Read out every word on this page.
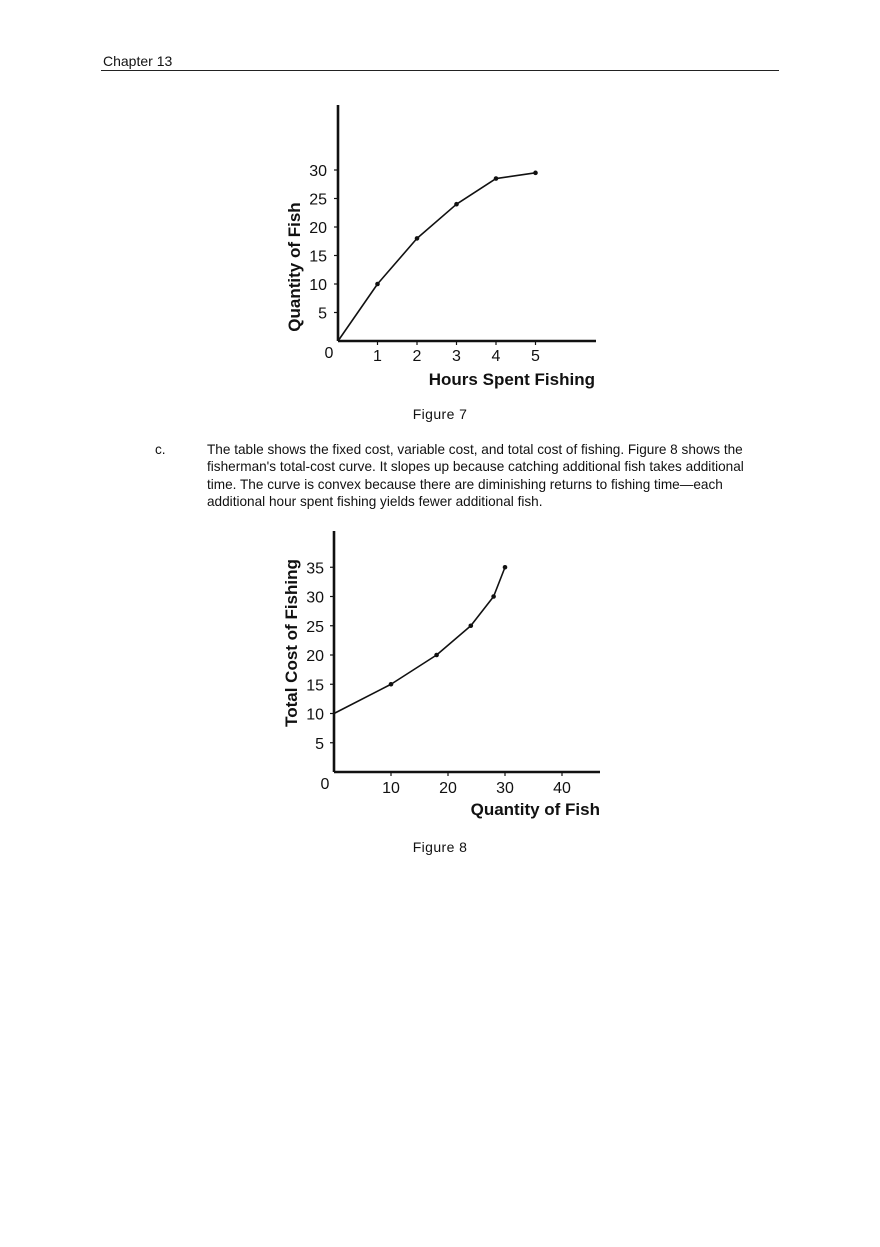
Chapter 13
5
10
15
20
25
30
1 2 3 4 5
0
Hours Spent Fishing
Quantity of Fish
Figure 7
c.	The table shows the fixed cost, variable cost, and total cost of fishing. Figure 8 shows the fisherman's total-cost curve. It slopes up because catching additional fish takes additional time. The curve is convex because there are diminishing returns to fishing time—each additional hour spent fishing yields fewer additional fish.
5
10
15
20
25
30
35
10 20 30 40
0
Quantity of Fish
Total Cost of Fishing
Figure 8
